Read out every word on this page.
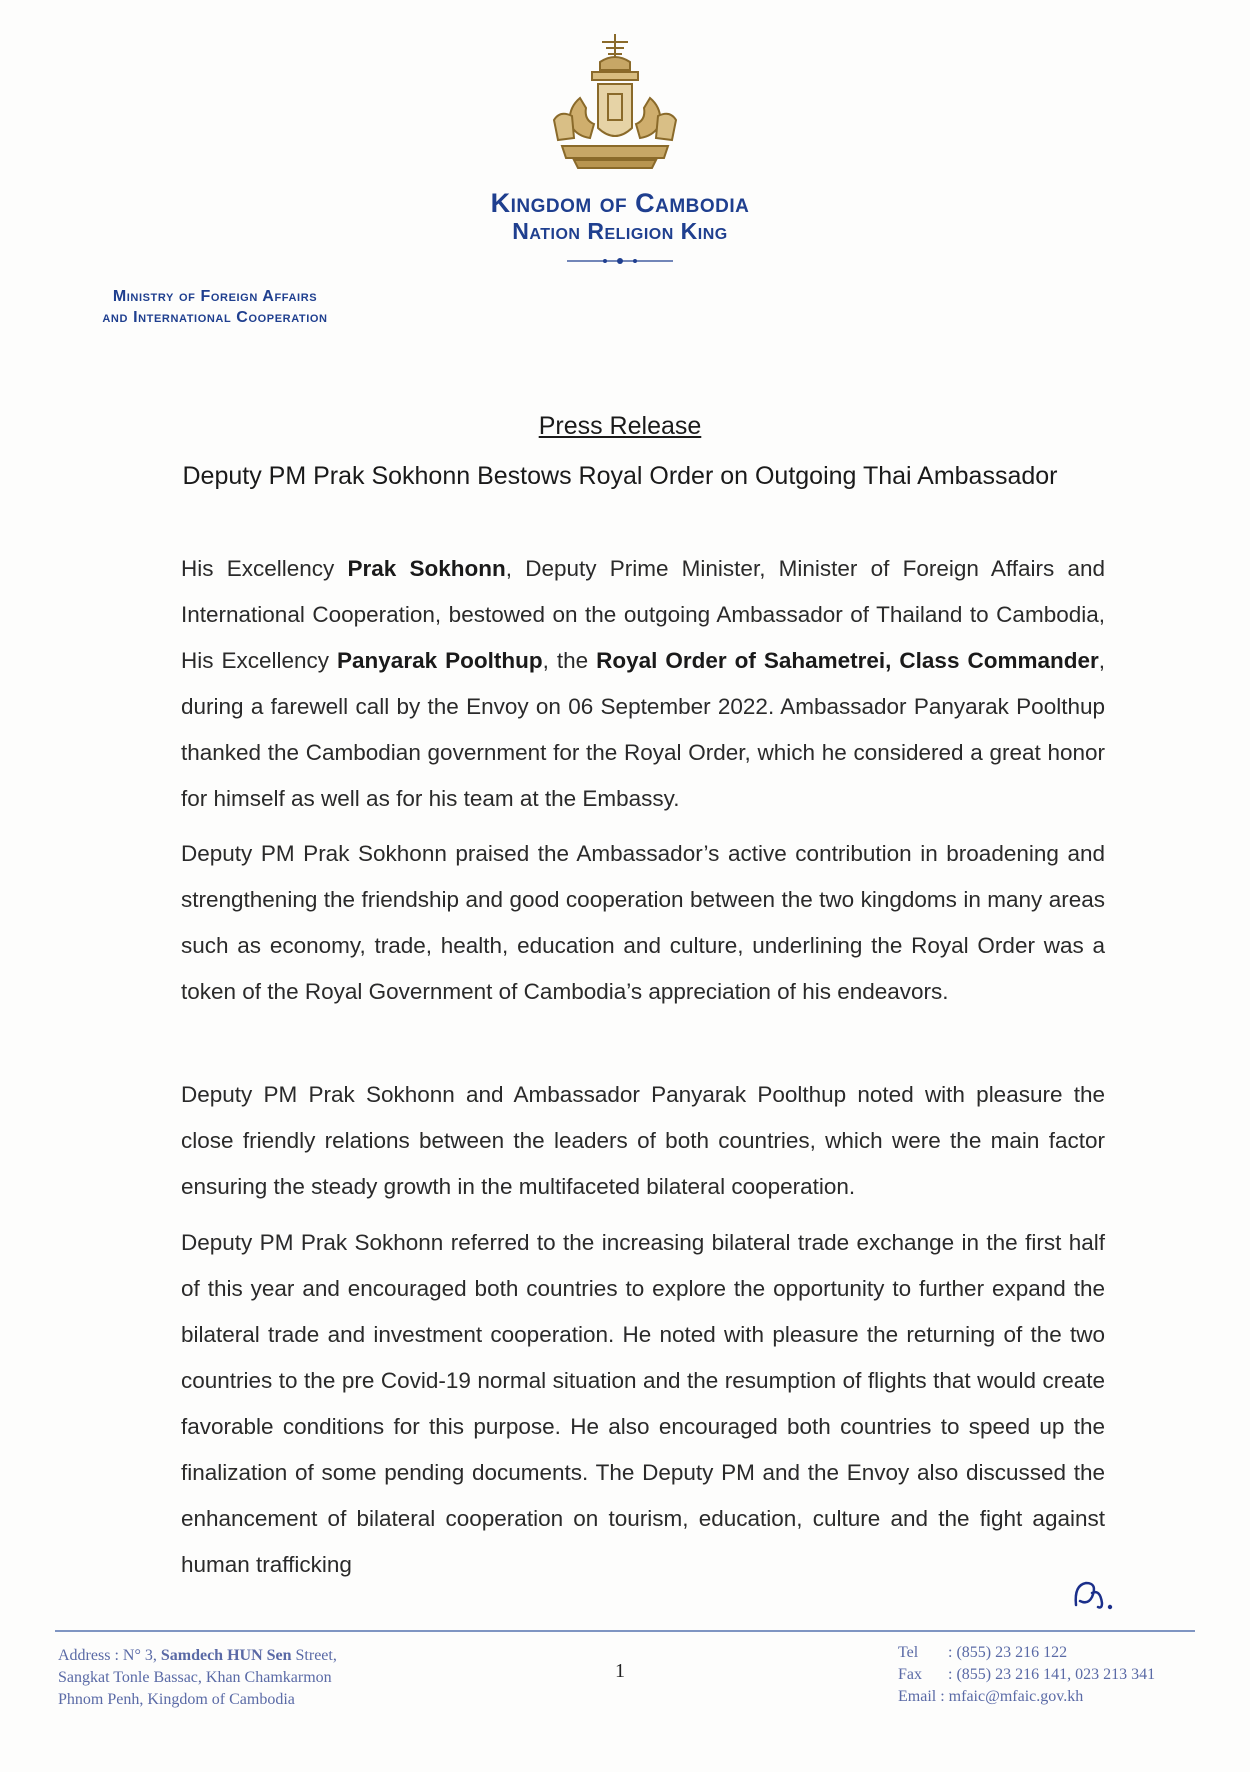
Kingdom of Cambodia
Nation Religion King
Ministry of Foreign Affairs
and International Cooperation
Press Release
Deputy PM Prak Sokhonn Bestows Royal Order on Outgoing Thai Ambassador
His Excellency Prak Sokhonn, Deputy Prime Minister, Minister of Foreign Affairs and International Cooperation, bestowed on the outgoing Ambassador of Thailand to Cambodia, His Excellency Panyarak Poolthup, the Royal Order of Sahametrei, Class Commander, during a farewell call by the Envoy on 06 September 2022. Ambassador Panyarak Poolthup thanked the Cambodian government for the Royal Order, which he considered a great honor for himself as well as for his team at the Embassy.
Deputy PM Prak Sokhonn praised the Ambassador’s active contribution in broadening and strengthening the friendship and good cooperation between the two kingdoms in many areas such as economy, trade, health, education and culture, underlining the Royal Order was a token of the Royal Government of Cambodia’s appreciation of his endeavors.
Deputy PM Prak Sokhonn and Ambassador Panyarak Poolthup noted with pleasure the close friendly relations between the leaders of both countries, which were the main factor ensuring the steady growth in the multifaceted bilateral cooperation.
Deputy PM Prak Sokhonn referred to the increasing bilateral trade exchange in the first half of this year and encouraged both countries to explore the opportunity to further expand the bilateral trade and investment cooperation. He noted with pleasure the returning of the two countries to the pre Covid-19 normal situation and the resumption of flights that would create favorable conditions for this purpose. He also encouraged both countries to speed up the finalization of some pending documents. The Deputy PM and the Envoy also discussed the enhancement of bilateral cooperation on tourism, education, culture and the fight against human trafficking
Address : N° 3, Samdech HUN Sen Street,
Sangkat Tonle Bassac, Khan Chamkarmon
Phnom Penh, Kingdom of Cambodia
1
Tel : (855) 23 216 122
Fax : (855) 23 216 141, 023 213 341
Email : mfaic@mfaic.gov.kh
